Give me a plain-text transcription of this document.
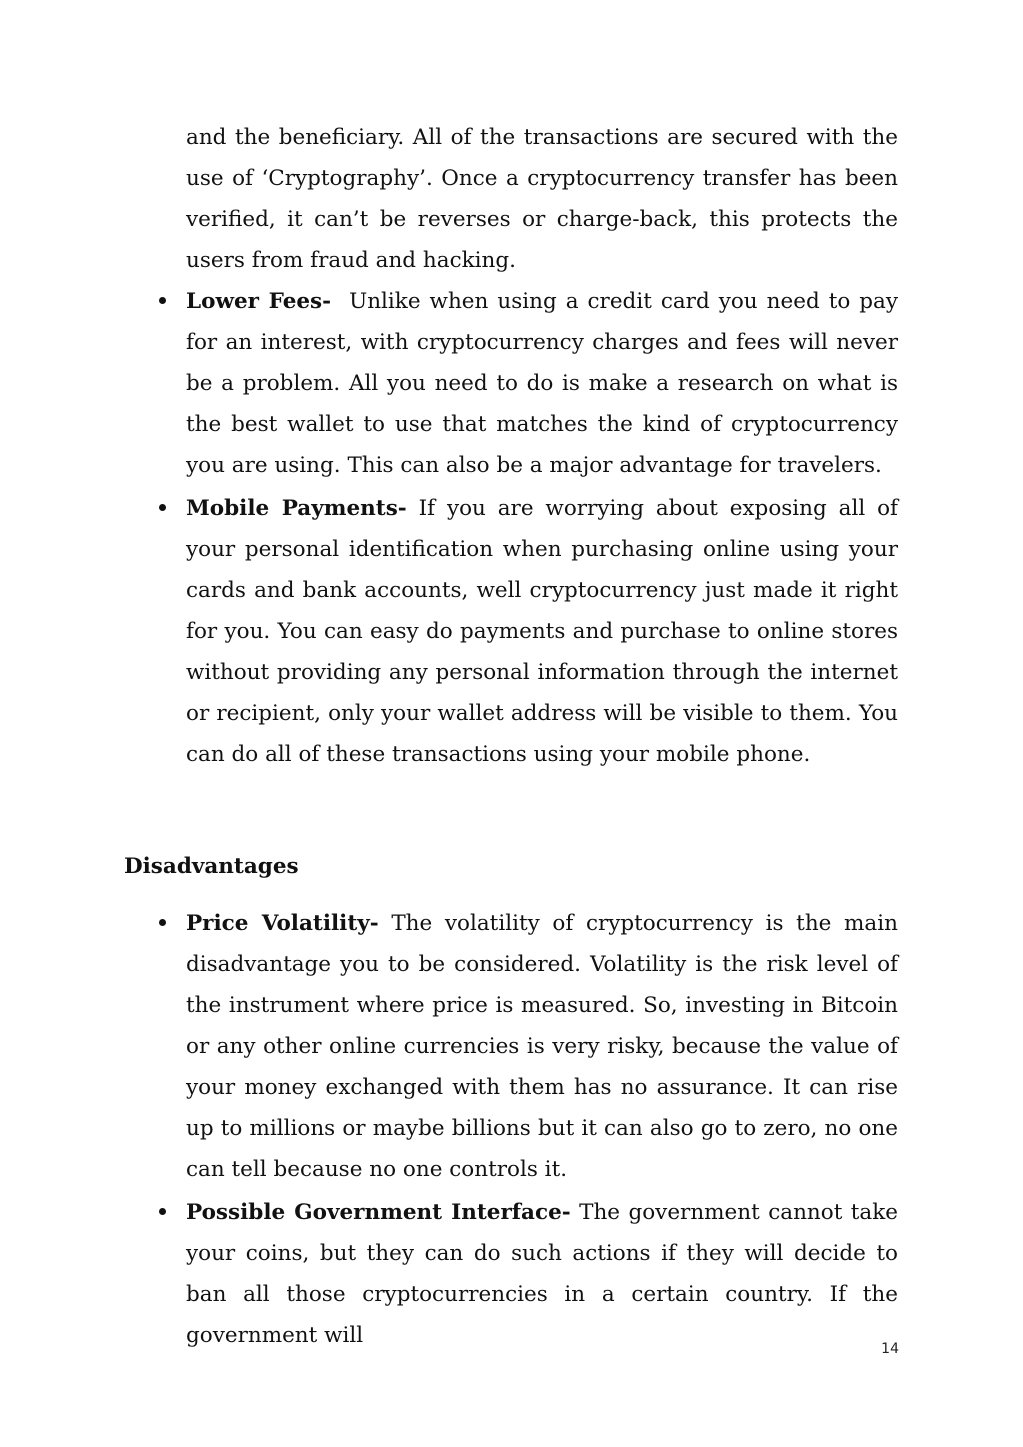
and the beneficiary. All of the transactions are secured with the use of ‘Cryptography’. Once a cryptocurrency transfer has been verified, it can’t be reverses or charge-back, this protects the users from fraud and hacking.

Lower Fees- Unlike when using a credit card you need to pay for an interest, with cryptocurrency charges and fees will never be a problem. All you need to do is make a research on what is the best wallet to use that matches the kind of cryptocurrency you are using. This can also be a major advantage for travelers.
Mobile Payments- If you are worrying about exposing all of your personal identification when purchasing online using your cards and bank accounts, well cryptocurrency just made it right for you. You can easy do payments and purchase to online stores without providing any personal information through the internet or recipient, only your wallet address will be visible to them. You can do all of these transactions using your mobile phone.
Disadvantages
Price Volatility- The volatility of cryptocurrency is the main disadvantage you to be considered. Volatility is the risk level of the instrument where price is measured. So, investing in Bitcoin or any other online currencies is very risky, because the value of your money exchanged with them has no assurance. It can rise up to millions or maybe billions but it can also go to zero, no one can tell because no one controls it.
Possible Government Interface- The government cannot take your coins, but they can do such actions if they will decide to ban all those cryptocurrencies in a certain country. If the government will
14
